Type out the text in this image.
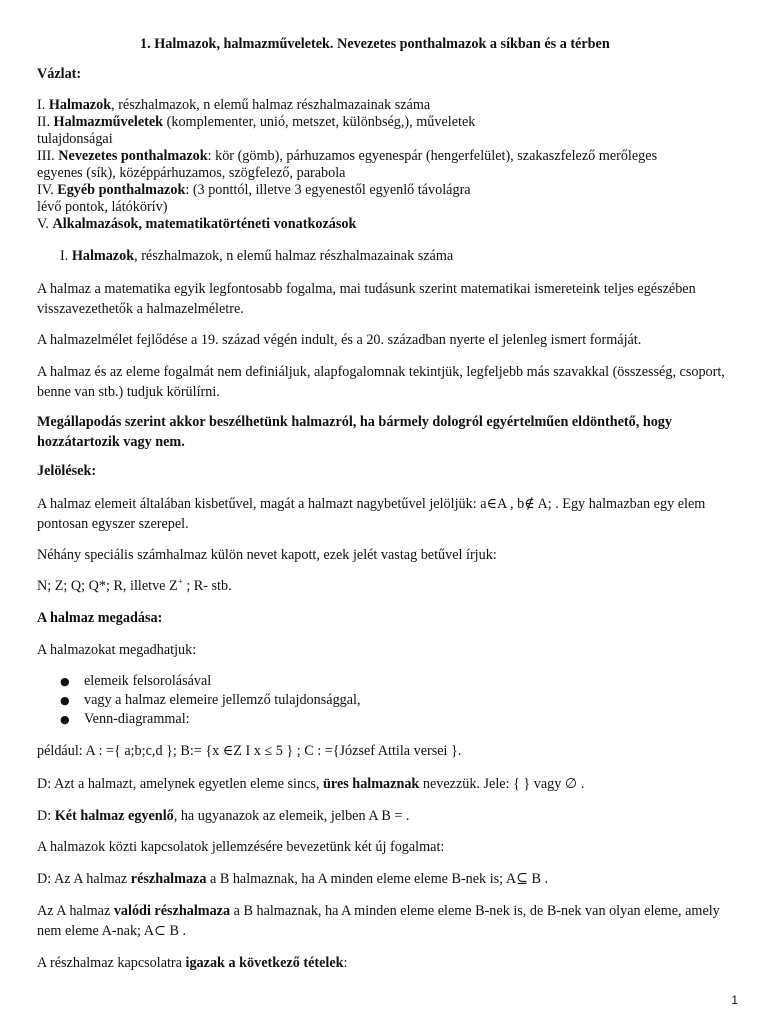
1. Halmazok, halmazműveletek. Nevezetes ponthalmazok a síkban és a térben
Vázlat:
I. Halmazok, részhalmazok, n elemű halmaz részhalmazainak száma
II. Halmazműveletek (komplementer, unió, metszet, különbség,), műveletek
tulajdonságai
III. Nevezetes ponthalmazok: kör (gömb), párhuzamos egyenespár (hengerfelület), szakaszfelező merőleges
egyenes (sík), középpárhuzamos, szögfelező, parabola
IV. Egyéb ponthalmazok: (3 ponttól, illetve 3 egyenestől egyenlő távolágra
lévő pontok, látókörív)
V. Alkalmazások, matematikatörténeti vonatkozások
I. Halmazok, részhalmazok, n elemű halmaz részhalmazainak száma
A halmaz a matematika egyik legfontosabb fogalma, mai tudásunk szerint matematikai ismereteink teljes egészében visszavezethetők a halmazelméletre.
A halmazelmélet fejlődése a 19. század végén indult, és a 20. században nyerte el jelenleg ismert formáját.
A halmaz és az eleme fogalmát nem definiáljuk, alapfogalomnak tekintjük, legfeljebb más szavakkal (összesség, csoport, benne van stb.) tudjuk körülírni.
Megállapodás szerint akkor beszélhetünk halmazról, ha bármely dologról egyértelműen eldönthető, hogy hozzátartozik vagy nem.
Jelölések:
A halmaz elemeit általában kisbetűvel, magát a halmazt nagybetűvel jelöljük: a∈A , b∉ A; . Egy halmazban egy elem pontosan egyszer szerepel.
Néhány speciális számhalmaz külön nevet kapott, ezek jelét vastag betűvel írjuk:
N; Z; Q; Q*; R, illetve Z+ ; R- stb.
A halmaz megadása:
A halmazokat megadhatjuk:
● elemeik felsorolásával
● vagy a halmaz elemeire jellemző tulajdonsággal,
● Venn-diagrammal:
például: A : ={ a;b;c,d }; B:= {x ∈Z I x ≤ 5 } ; C : ={József Attila versei }.
D: Azt a halmazt, amelynek egyetlen eleme sincs, üres halmaznak nevezzük. Jele: { } vagy ∅ .
D: Két halmaz egyenlő, ha ugyanazok az elemeik, jelben A B = .
A halmazok közti kapcsolatok jellemzésére bevezetünk két új fogalmat:
D: Az A halmaz részhalmaza a B halmaznak, ha A minden eleme eleme B-nek is; A⊆ B .
Az A halmaz valódi részhalmaza a B halmaznak, ha A minden eleme eleme B-nek is, de B-nek van olyan eleme, amely nem eleme A-nak; A⊂ B .
A részhalmaz kapcsolatra igazak a következő tételek:
1
